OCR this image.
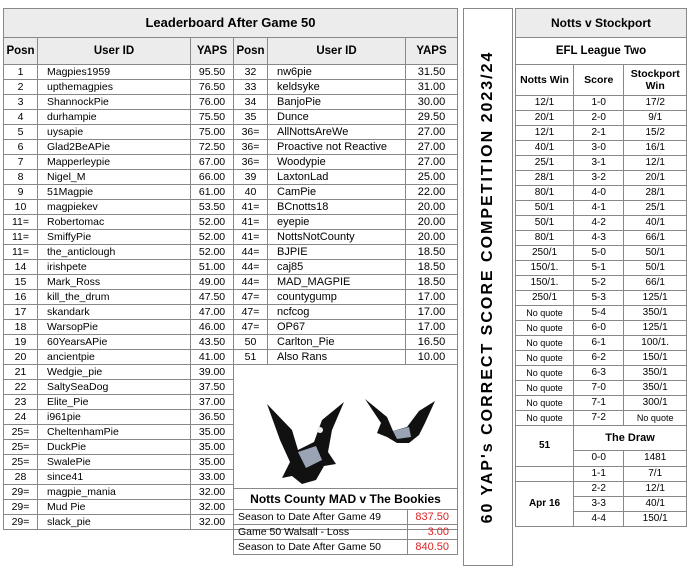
Leaderboard After Game 50					
Posn	User ID	YAPS	Posn	User ID	YAPS
1	Magpies1959	95.50	32	nw6pie	31.50
2	upthemagpies	76.50	33	keldsyke	31.00
3	ShannockPie	76.00	34	BanjoPie	30.00
4	durhampie	75.50	35	Dunce	29.50
5	uysapie	75.00	36=	AllNottsAreWe	27.00
6	Glad2BeAPie	72.50	36=	Proactive not Reactive	27.00
7	Mapperleypie	67.00	36=	Woodypie	27.00
8	Nigel_M	66.00	39	LaxtonLad	25.00
9	51Magpie	61.00	40	CamPie	22.00
10	magpiekev	53.50	41=	BCnotts18	20.00
11=	Robertomac	52.00	41=	eyepie	20.00
11=	SmiffyPie	52.00	41=	NottsNotCounty	20.00
11=	the_anticlough	52.00	44=	BJPIE	18.50
14	irishpete	51.00	44=	caj85	18.50
15	Mark_Ross	49.00	44=	MAD_MAGPIE	18.50
16	kill_the_drum	47.50	47=	countygump	17.00
17	skandark	47.00	47=	ncfcog	17.00
18	WarsopPie	46.00	47=	OP67	17.00
19	60YearsAPie	43.50	50	Carlton_Pie	16.50
20	ancientpie	41.00	51	Also Rans	10.00
21	Wedgie_pie	39.00			
22	SaltySeaDog	37.50			
23	Elite_Pie	37.00			
24	i961pie	36.50			
25=	CheltenhamPie	35.00			
25=	DuckPie	35.00			
25=	SwalePie	35.00			
28	since41	33.00			
29=	magpie_mania	32.00			
29=	Mud Pie	32.00			
29=	slack_pie	32.00			
Notts County MAD v The Bookies	
Season to Date After Game 49	837.50
Game 50 Walsall - Loss	3.00
Season to Date After Game 50	840.50
60 YAP's CORRECT SCORE COMPETITION 2023/24
Notts v Stockport		
EFL League Two		
Notts Win	Score	Stockport Win
12/1	1-0	17/2
20/1	2-0	9/1
12/1	2-1	15/2
40/1	3-0	16/1
25/1	3-1	12/1
28/1	3-2	20/1
80/1	4-0	28/1
50/1	4-1	25/1
50/1	4-2	40/1
80/1	4-3	66/1
250/1	5-0	50/1
150/1.	5-1	50/1
150/1.	5-2	66/1
250/1	5-3	125/1
No quote	5-4	350/1
No quote	6-0	125/1
No quote	6-1	100/1.
No quote	6-2	150/1
No quote	6-3	350/1
No quote	7-0	350/1
No quote	7-1	300/1
No quote	7-2	No quote
51	The Draw	
	0-0	1481
	1-1	7/1
Apr 16	2-2	12/1
	3-3	40/1
	4-4	150/1
